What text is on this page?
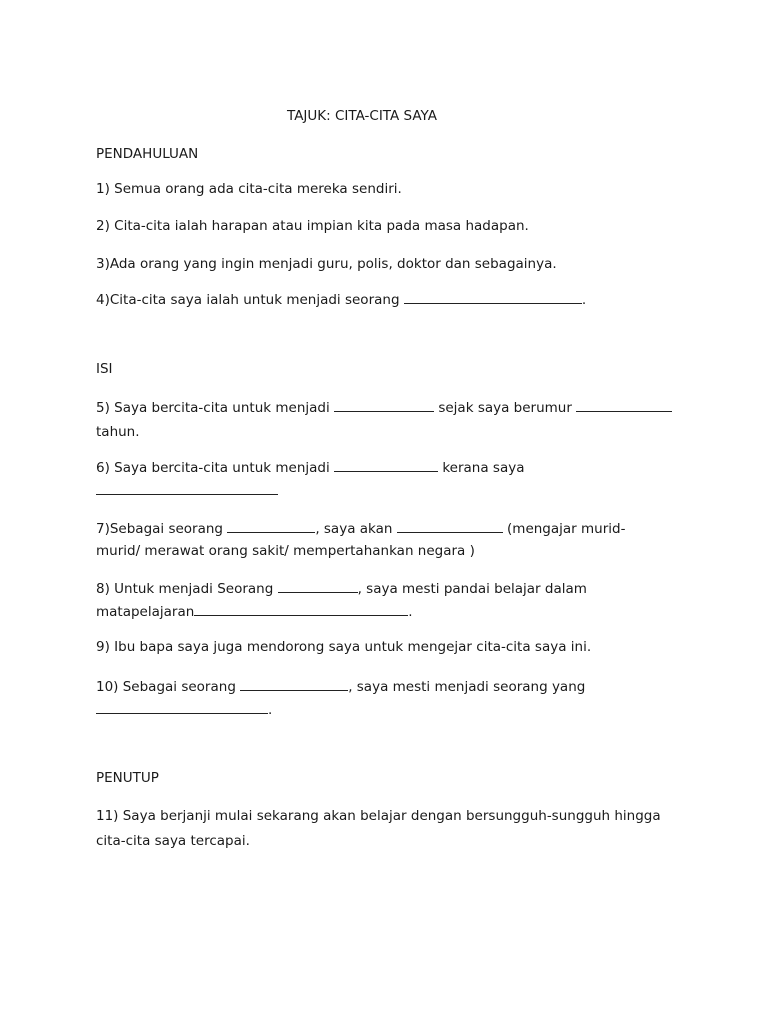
TAJUK: CITA-CITA SAYA
PENDAHULUAN
1) Semua orang ada cita-cita mereka sendiri.
2) Cita-cita ialah harapan atau impian kita pada masa hadapan.
3)Ada orang yang ingin menjadi guru, polis, doktor dan sebagainya.
4)Cita-cita saya ialah untuk menjadi seorang	.
ISI
5) Saya bercita-cita untuk menjadi	sejak saya berumur
tahun.
6) Saya bercita-cita untuk menjadi	kerana saya
7)Sebagai seorang	, saya akan	(mengajar murid-
murid/ merawat orang sakit/ mempertahankan negara )
8) Untuk menjadi Seorang	, saya mesti pandai belajar dalam
matapelajaran	.
9) Ibu bapa saya juga mendorong saya untuk mengejar cita-cita saya ini.
10) Sebagai seorang	, saya mesti menjadi seorang yang
.
PENUTUP
11) Saya berjanji mulai sekarang akan belajar dengan bersungguh-sungguh hingga
cita-cita saya tercapai.
